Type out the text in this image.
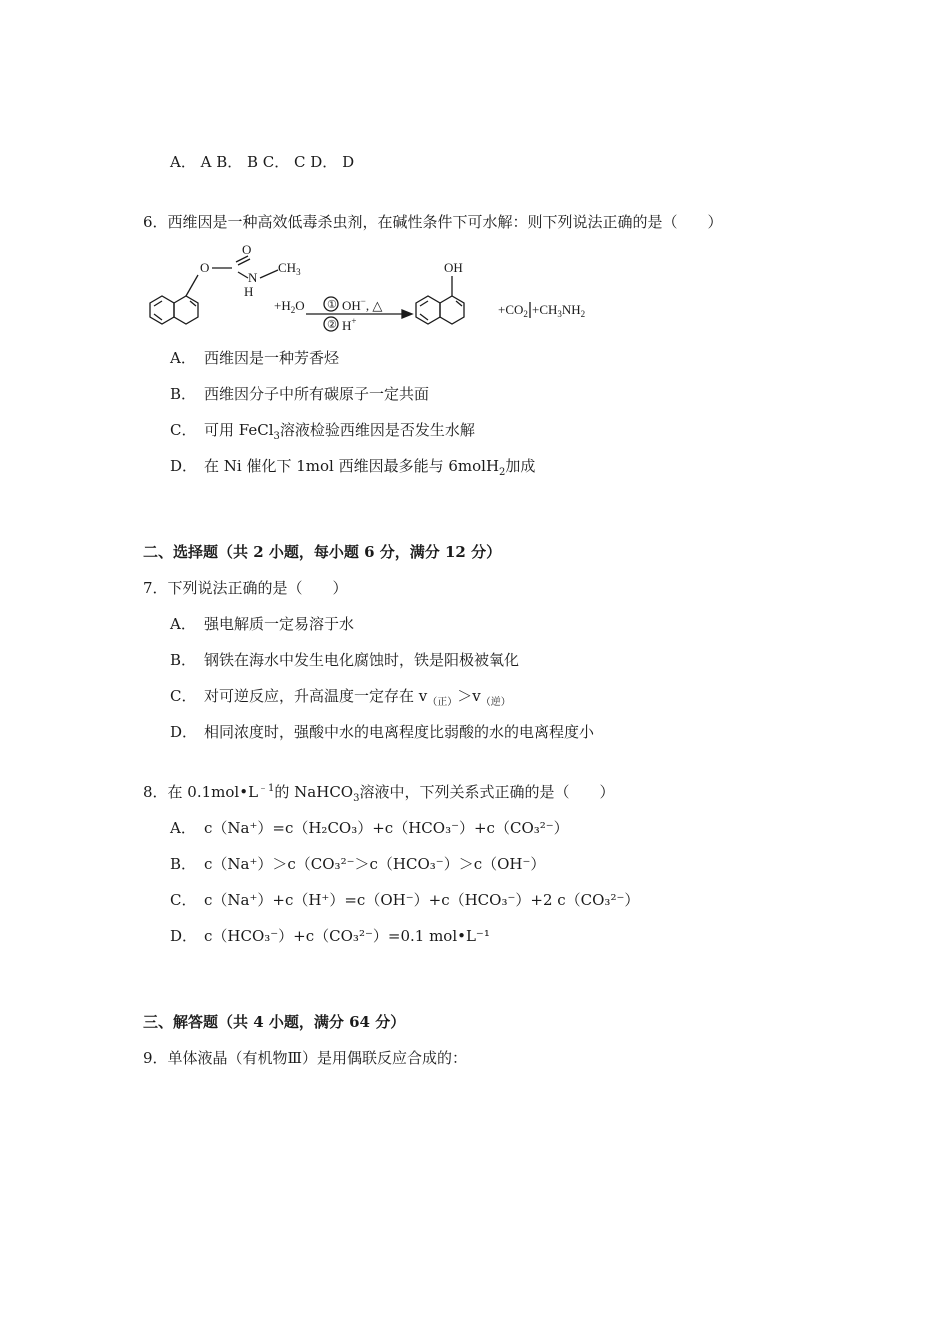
A． A B． B C． C D． D
6．西维因是一种高效低毒杀虫剂，在碱性条件下可水解：则下列说法正确的是（　　）
O
O
N
$CH_3$
H
$+H_2O$ ① OH−, △
② H+
OH
$+CO_2 +CH_3NH_2$
A． 西维因是一种芳香烃
B． 西维因分子中所有碳原子一定共面
C． 可用 FeCl$_3$溶液检验西维因是否发生水解
D． 在 Ni 催化下 1mol 西维因最多能与 6molH$_2$加成
二、选择题（共 2 小题，每小题 6 分，满分 12 分）
7．下列说法正确的是（　　）
A． 强电解质一定易溶于水
B． 钢铁在海水中发生电化腐蚀时，铁是阳极被氧化
C． 对可逆反应，升高温度一定存在 $v_{(正)}>v_{(逆)}$
D． 相同浓度时，强酸中水的电离程度比弱酸的水的电离程度小
8．在 $0.1mol•L^{﹣1}$的 NaHCO$_3$溶液中，下列关系式正确的是（　　）
A． c（Na⁺）=c（H₂CO₃）+c（HCO₃⁻）+c（CO₃²⁻）
B． c（Na⁺）＞c（CO₃²⁻＞c（HCO₃⁻）＞c（OH⁻）
C． c（Na⁺）+c（H⁺）=c（OH⁻）+c（HCO₃⁻）+2 c（CO₃²⁻）
D． c（HCO₃⁻）+c（CO₃²⁻）=0.1 mol•L⁻¹
三、解答题（共 4 小题，满分 64 分）
9．单体液晶（有机物Ⅲ）是用偶联反应合成的：
